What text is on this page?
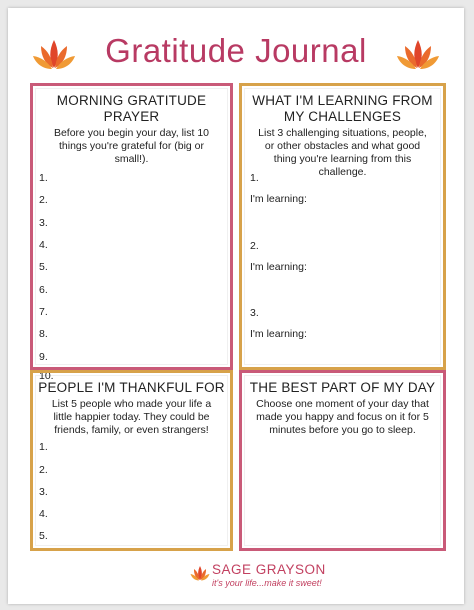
Gratitude Journal
MORNING GRATITUDE PRAYER
Before you begin your day, list 10 things you're grateful for (big or small!).
1.
2.
3.
4.
5.
6.
7.
8.
9.
10.
WHAT I'M LEARNING FROM
MY CHALLENGES
List 3 challenging situations, people, or other obstacles and what good thing you're learning from this challenge.
1.
I'm learning:
2.
I'm learning:
3.
I'm learning:
PEOPLE I'M THANKFUL FOR
List 5 people who made your life a little happier today. They could be friends, family, or even strangers!
1.
2.
3.
4.
5.
THE BEST PART OF MY DAY
Choose one moment of your day that made you happy and focus on it for 5 minutes before you go to sleep.
SAGE GRAYSON
it's your life...make it sweet!
